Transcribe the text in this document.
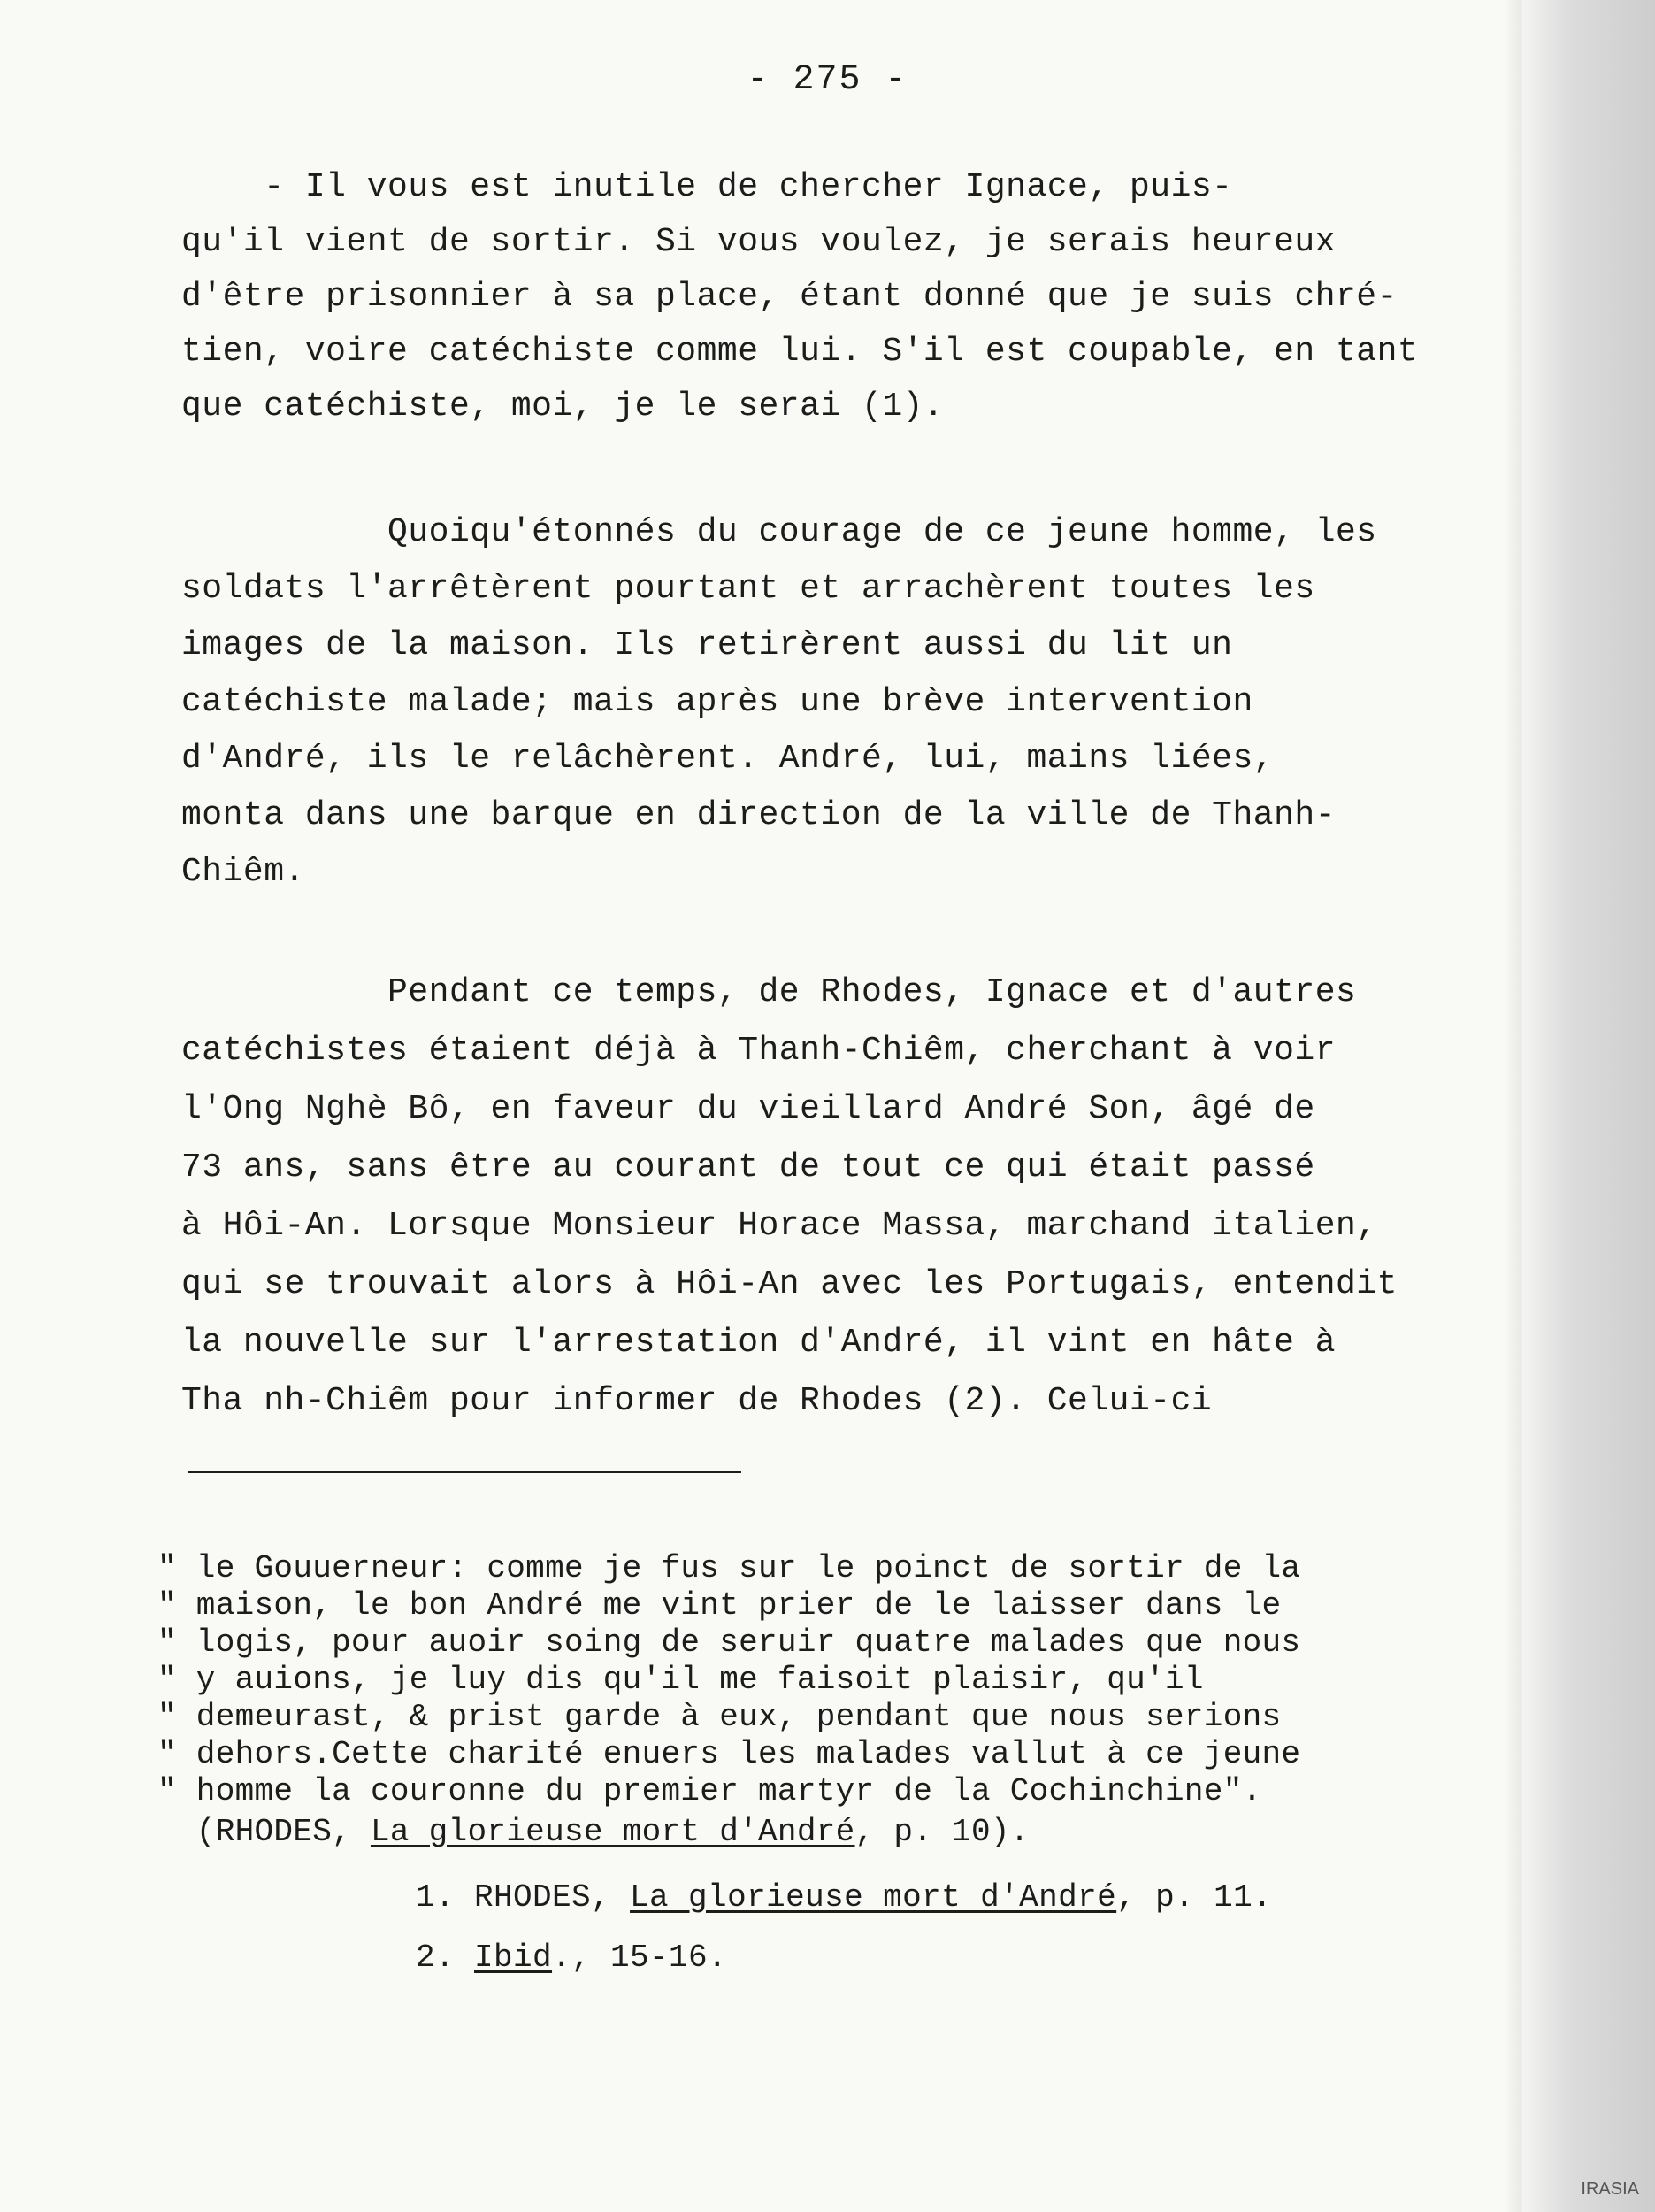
- 275 -
- Il vous est inutile de chercher Ignace, puis-
qu'il vient de sortir. Si vous voulez, je serais heureux
d'être prisonnier à sa place, étant donné que je suis chré-
tien, voire catéchiste comme lui. S'il est coupable, en tant
que catéchiste, moi, je le serai (1).
Quoiqu'étonnés du courage de ce jeune homme, les
soldats l'arrêtèrent pourtant et arrachèrent toutes les
images de la maison. Ils retirèrent aussi du lit un
catéchiste malade; mais après une brève intervention
d'André, ils le relâchèrent. André, lui, mains liées,
monta dans une barque en direction de la ville de Thanh-
Chiêm.
Pendant ce temps, de Rhodes, Ignace et d'autres
catéchistes étaient déjà à Thanh-Chiêm, cherchant à voir
l'Ong Nghè Bô, en faveur du vieillard André Son, âgé de
73 ans, sans être au courant de tout ce qui était passé
à Hôi-An. Lorsque Monsieur Horace Massa, marchand italien,
qui se trouvait alors à Hôi-An avec les Portugais, entendit
la nouvelle sur l'arrestation d'André, il vint en hâte à
Tha nh-Chiêm pour informer de Rhodes (2). Celui-ci
" le Gouuerneur: comme je fus sur le poinct de sortir de la
" maison, le bon André me vint prier de le laisser dans le
" logis, pour auoir soing de seruir quatre malades que nous
" y auions, je luy dis qu'il me faisoit plaisir, qu'il
" demeurast, & prist garde à eux, pendant que nous serions
" dehors.Cette charité enuers les malades vallut à ce jeune
" homme la couronne du premier martyr de la Cochinchine".
(RHODES, La glorieuse mort d'André, p. 10).
1. RHODES, La glorieuse mort d'André, p. 11.
2. Ibid., 15-16.
IRASIA
